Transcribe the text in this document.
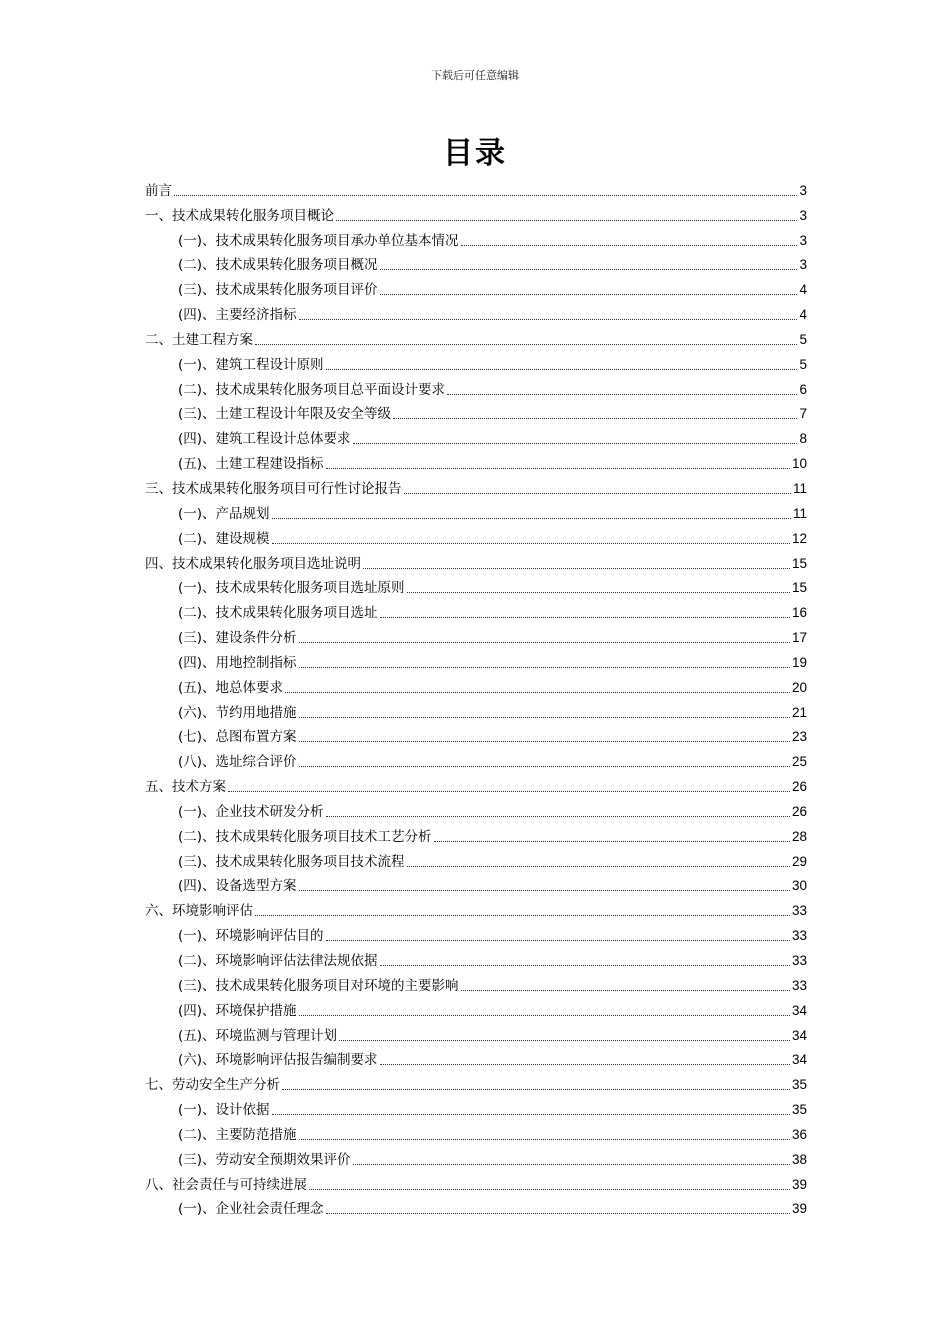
下载后可任意编辑
目录
前言	3
一、技术成果转化服务项目概论	3
(一)、技术成果转化服务项目承办单位基本情况	3
(二)、技术成果转化服务项目概况	3
(三)、技术成果转化服务项目评价	4
(四)、主要经济指标	4
二、土建工程方案	5
(一)、建筑工程设计原则	5
(二)、技术成果转化服务项目总平面设计要求	6
(三)、土建工程设计年限及安全等级	7
(四)、建筑工程设计总体要求	8
(五)、土建工程建设指标	10
三、技术成果转化服务项目可行性讨论报告	11
(一)、产品规划	11
(二)、建设规模	12
四、技术成果转化服务项目选址说明	15
(一)、技术成果转化服务项目选址原则	15
(二)、技术成果转化服务项目选址	16
(三)、建设条件分析	17
(四)、用地控制指标	19
(五)、地总体要求	20
(六)、节约用地措施	21
(七)、总图布置方案	23
(八)、选址综合评价	25
五、技术方案	26
(一)、企业技术研发分析	26
(二)、技术成果转化服务项目技术工艺分析	28
(三)、技术成果转化服务项目技术流程	29
(四)、设备选型方案	30
六、环境影响评估	33
(一)、环境影响评估目的	33
(二)、环境影响评估法律法规依据	33
(三)、技术成果转化服务项目对环境的主要影响	33
(四)、环境保护措施	34
(五)、环境监测与管理计划	34
(六)、环境影响评估报告编制要求	34
七、劳动安全生产分析	35
(一)、设计依据	35
(二)、主要防范措施	36
(三)、劳动安全预期效果评价	38
八、社会责任与可持续进展	39
(一)、企业社会责任理念	39
